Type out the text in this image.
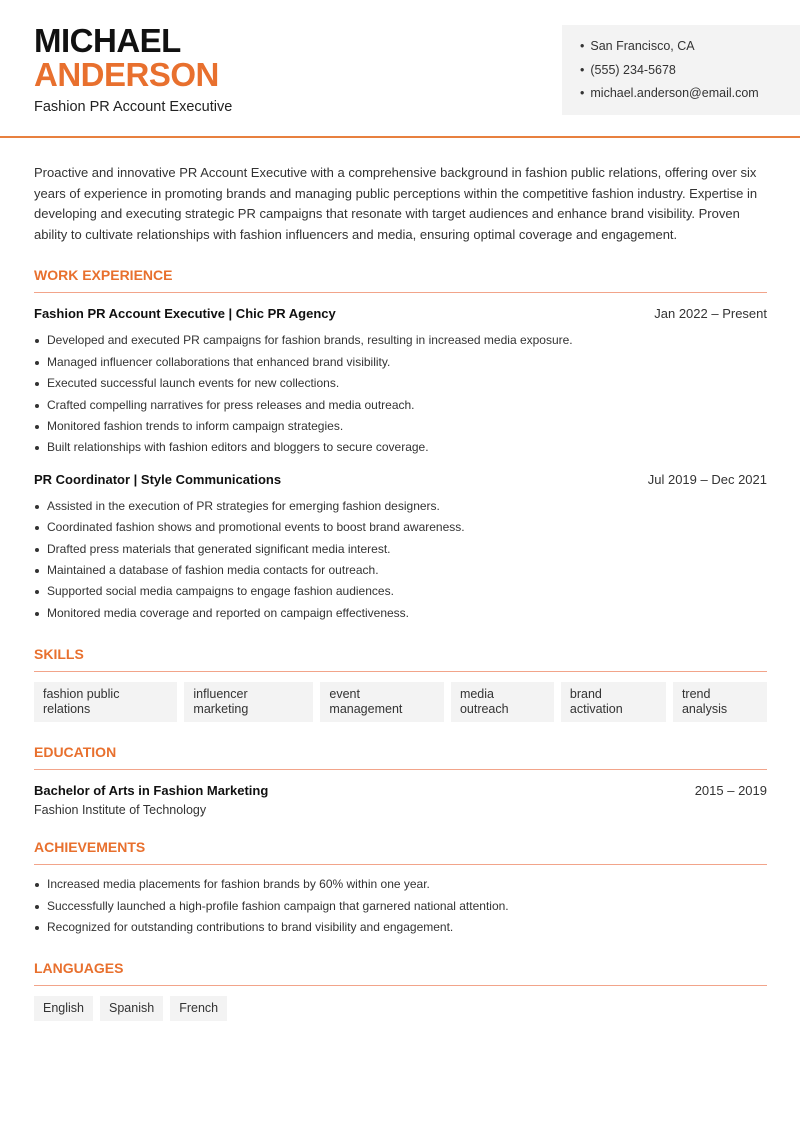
MICHAEL
ANDERSON
Fashion PR Account Executive
• San Francisco, CA
• (555) 234-5678
• michael.anderson@email.com

Proactive and innovative PR Account Executive with a comprehensive background in fashion public relations, offering over six years of experience in promoting brands and managing public perceptions within the competitive fashion industry. Expertise in developing and executing strategic PR campaigns that resonate with target audiences and enhance brand visibility. Proven ability to cultivate relationships with fashion influencers and media, ensuring optimal coverage and engagement.

WORK EXPERIENCE
Fashion PR Account Executive | Chic PR Agency	Jan 2022 – Present
Developed and executed PR campaigns for fashion brands, resulting in increased media exposure.
Managed influencer collaborations that enhanced brand visibility.
Executed successful launch events for new collections.
Crafted compelling narratives for press releases and media outreach.
Monitored fashion trends to inform campaign strategies.
Built relationships with fashion editors and bloggers to secure coverage.
PR Coordinator | Style Communications	Jul 2019 – Dec 2021
Assisted in the execution of PR strategies for emerging fashion designers.
Coordinated fashion shows and promotional events to boost brand awareness.
Drafted press materials that generated significant media interest.
Maintained a database of fashion media contacts for outreach.
Supported social media campaigns to engage fashion audiences.
Monitored media coverage and reported on campaign effectiveness.
SKILLS
fashion public relations
influencer marketing
event management
media outreach
brand activation
trend analysis
EDUCATION
Bachelor of Arts in Fashion Marketing	2015 – 2019
Fashion Institute of Technology
ACHIEVEMENTS
Increased media placements for fashion brands by 60% within one year.
Successfully launched a high-profile fashion campaign that garnered national attention.
Recognized for outstanding contributions to brand visibility and engagement.
LANGUAGES
English	Spanish	French
